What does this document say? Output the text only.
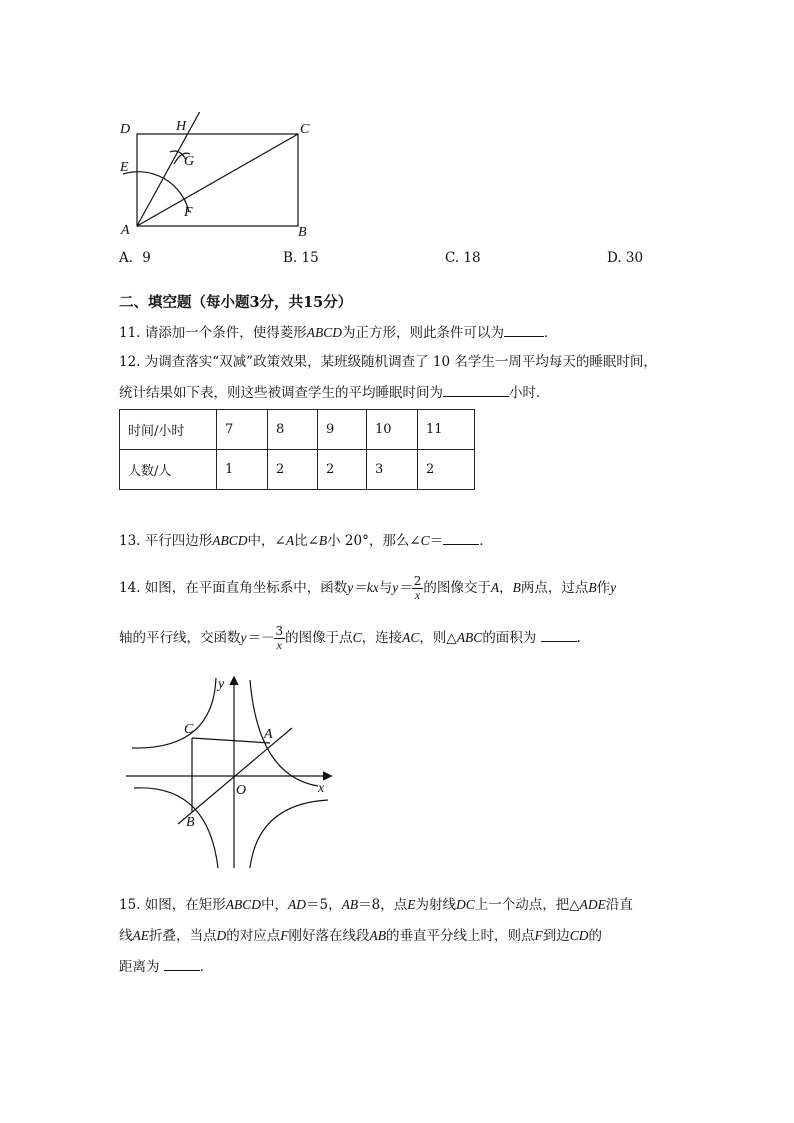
D	H	C
E	G
F
A	B
A．9	B. 15	C. 18	D. 30
二、填空题（每小题3分，共15分）
11. 请添加一个条件，使得菱形ABCD为正方形，则此条件可以为	．
12. 为调查落实“双减”政策效果，某班级随机调查了 10 名学生一周平均每天的睡眠时间，
统计结果如下表，则这些被调查学生的平均睡眠时间为	小时．
时间/小时	7	8	9	10	11
人数/人	1	2	2	3	2
13. 平行四边形ABCD中，∠A比∠B小 20°，那么∠C＝	．
14. 如图，在平面直角坐标系中，函数y＝kx与$y= \frac{2}{x}$ 的图像交于A，B两点，过点B作y
轴的平行线，交函数$y=- \frac{3}{x}$ 的图像于点C，连接AC，则△ABC的面积为	．
y
x
O
A
B
C
15. 如图，在矩形ABCD中，AD＝5，AB＝8，点E为射线DC上一个动点，把△ADE沿直
线AE折叠，当点D的对应点F刚好落在线段AB的垂直平分线上时，则点F到边CD的
距离为	．
